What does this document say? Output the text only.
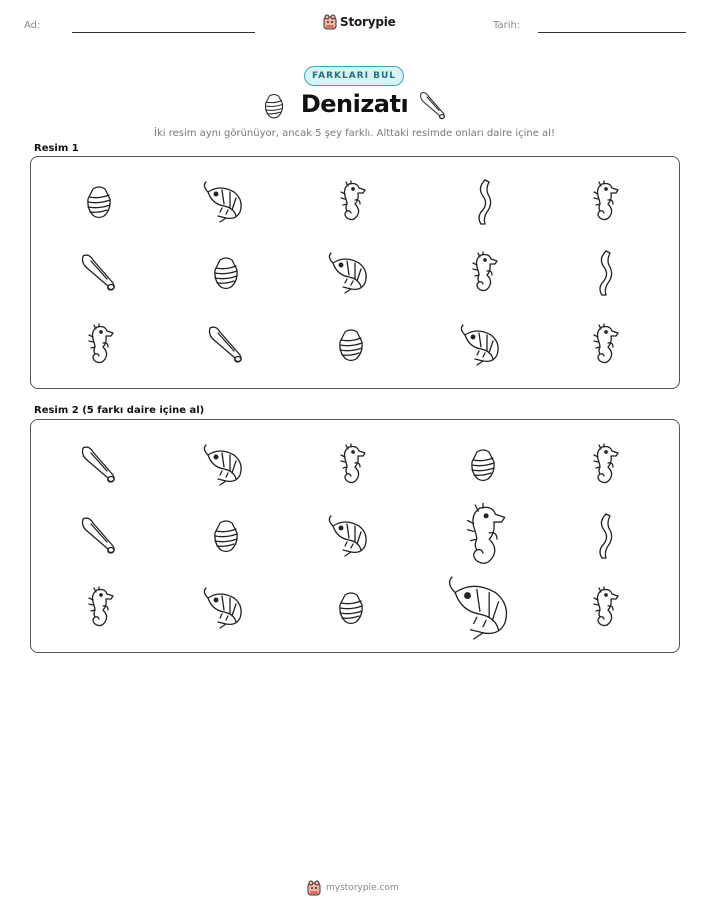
Ad:	Storypie	Tarih:
FARKLARI BUL
Denizatı
İki resim aynı görünüyor, ancak 5 şey farklı. Alttaki resimde onları daire içine al!
Resim 1
Resim 2 (5 farkı daire içine al)
mystorypie.com
